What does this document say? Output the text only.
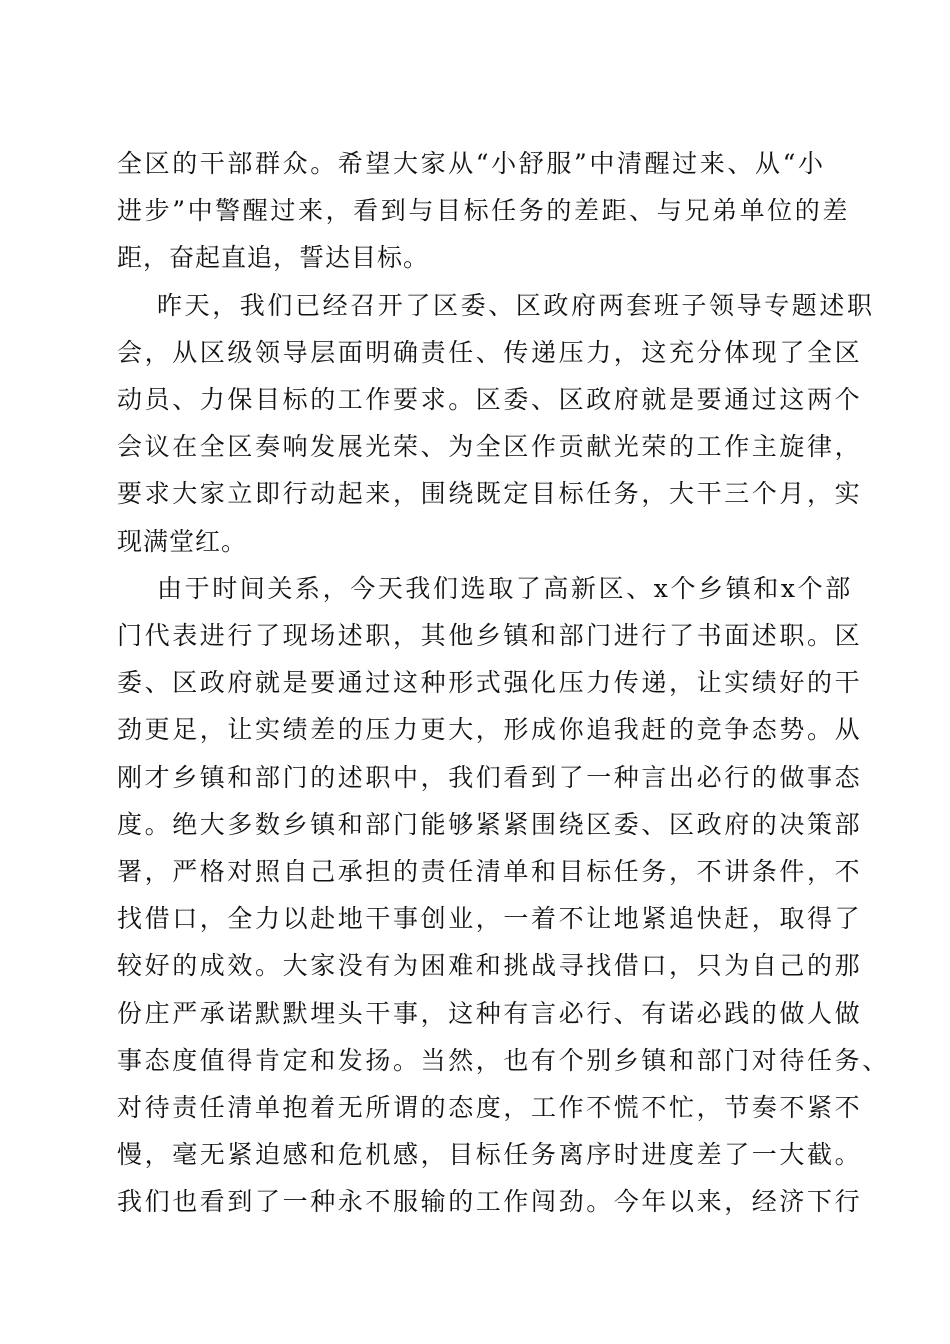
全区的干部群众。希望大家从“小舒服”中清醒过来、从“小
进步”中警醒过来，看到与目标任务的差距、与兄弟单位的差
距，奋起直追，誓达目标。

昨天，我们已经召开了区委、区政府两套班子领导专题述职
会，从区级领导层面明确责任、传递压力，这充分体现了全区
动员、力保目标的工作要求。区委、区政府就是要通过这两个
会议在全区奏响发展光荣、为全区作贡献光荣的工作主旋律，
要求大家立即行动起来，围绕既定目标任务，大干三个月，实
现满堂红。

由于时间关系，今天我们选取了高新区、x个乡镇和x个部
门代表进行了现场述职，其他乡镇和部门进行了书面述职。区
委、区政府就是要通过这种形式强化压力传递，让实绩好的干
劲更足，让实绩差的压力更大，形成你追我赶的竞争态势。从
刚才乡镇和部门的述职中，我们看到了一种言出必行的做事态
度。绝大多数乡镇和部门能够紧紧围绕区委、区政府的决策部
署，严格对照自己承担的责任清单和目标任务，不讲条件，不
找借口，全力以赴地干事创业，一着不让地紧追快赶，取得了
较好的成效。大家没有为困难和挑战寻找借口，只为自己的那
份庄严承诺默默埋头干事，这种有言必行、有诺必践的做人做
事态度值得肯定和发扬。当然，也有个别乡镇和部门对待任务、
对待责任清单抱着无所谓的态度，工作不慌不忙，节奏不紧不
慢，毫无紧迫感和危机感，目标任务离序时进度差了一大截。
我们也看到了一种永不服输的工作闯劲。今年以来，经济下行
